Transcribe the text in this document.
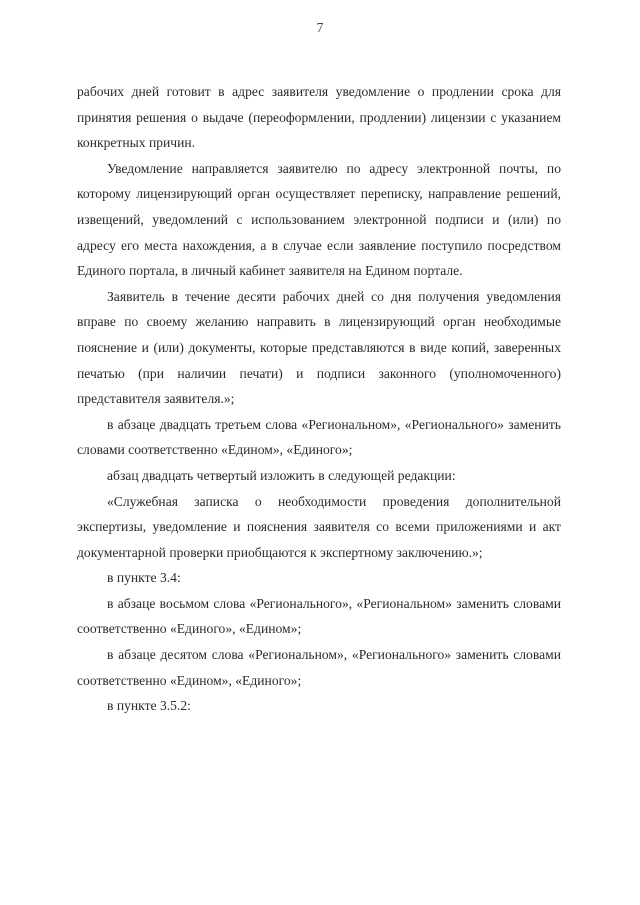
7

рабочих дней готовит в адрес заявителя уведомление о продлении срока для принятия решения о выдаче (переоформлении, продлении) лицензии с указанием конкретных причин.

Уведомление направляется заявителю по адресу электронной почты, по которому лицензирующий орган осуществляет переписку, направление решений, извещений, уведомлений с использованием электронной подписи и (или) по адресу его места нахождения, а в случае если заявление поступило посредством Единого портала, в личный кабинет заявителя на Едином портале.

Заявитель в течение десяти рабочих дней со дня получения уведомления вправе по своему желанию направить в лицензирующий орган необходимые пояснение и (или) документы, которые представляются в виде копий, заверенных печатью (при наличии печати) и подписи законного (уполномоченного) представителя заявителя.»;

в абзаце двадцать третьем слова «Региональном», «Регионального» заменить словами соответственно «Едином», «Единого»;

абзац двадцать четвертый изложить в следующей редакции:

«Служебная записка о необходимости проведения дополнительной экспертизы, уведомление и пояснения заявителя со всеми приложениями и акт документарной проверки приобщаются к экспертному заключению.»;

в пункте 3.4:

в абзаце восьмом слова «Регионального», «Региональном» заменить словами соответственно «Единого», «Едином»;

в абзаце десятом слова «Региональном», «Регионального» заменить словами соответственно «Едином», «Единого»;

в пункте 3.5.2:
